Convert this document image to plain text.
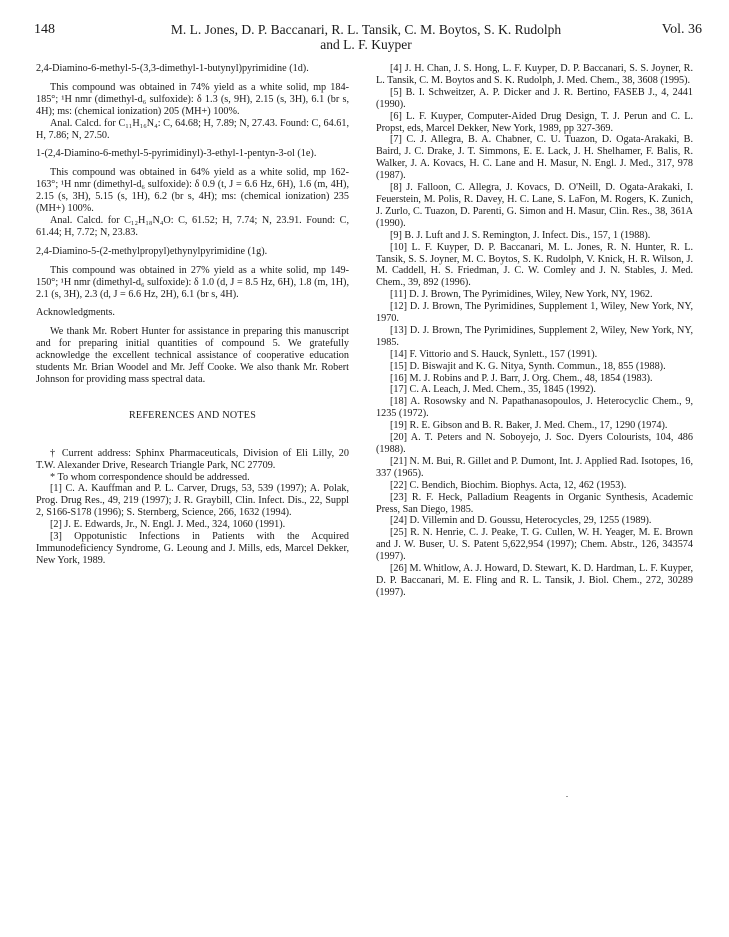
148	M. L. Jones, D. P. Baccanari, R. L. Tansik, C. M. Boytos, S. K. Rudolph
and L. F. Kuyper
Vol. 36

2,4-Diamino-6-methyl-5-(3,3-dimethyl-1-butynyl)pyrimidine (1d).

This compound was obtained in 74% yield as a white solid, mp 184-185°; ¹H nmr (dimethyl-d₆ sulfoxide): δ 1.3 (s, 9H), 2.15 (s, 3H), 6.1 (br s, 4H); ms: (chemical ionization) 205 (MH+) 100%.

Anal. Calcd. for C₁₁H₁₆N₄: C, 64.68; H, 7.89; N, 27.43. Found: C, 64.61, H, 7.86; N, 27.50.

1-(2,4-Diamino-6-methyl-5-pyrimidinyl)-3-ethyl-1-pentyn-3-ol (1e).

This compound was obtained in 64% yield as a white solid, mp 162-163°; ¹H nmr (dimethyl-d₆ sulfoxide): δ 0.9 (t, J = 6.6 Hz, 6H), 1.6 (m, 4H), 2.15 (s, 3H), 5.15 (s, 1H), 6.2 (br s, 4H); ms: (chemical ionization) 235 (MH+) 100%.

Anal. Calcd. for C₁₂H₁₈N₄O: C, 61.52; H, 7.74; N, 23.91. Found: C, 61.44; H, 7.72; N, 23.83.

2,4-Diamino-5-(2-methylpropyl)ethynylpyrimidine (1g).

This compound was obtained in 27% yield as a white solid, mp 149-150°; ¹H nmr (dimethyl-d₆ sulfoxide): δ 1.0 (d, J = 8.5 Hz, 6H), 1.8 (m, 1H), 2.1 (s, 3H), 2.3 (d, J = 6.6 Hz, 2H), 6.1 (br s, 4H).

Acknowledgments.

We thank Mr. Robert Hunter for assistance in preparing this manuscript and for preparing initial quantities of compound 5. We gratefully acknowledge the excellent technical assistance of cooperative education students Mr. Brian Woodel and Mr. Jeff Cooke. We also thank Mr. Robert Johnson for providing mass spectral data.

REFERENCES AND NOTES

† Current address: Sphinx Pharmaceuticals, Division of Eli Lilly, 20 T.W. Alexander Drive, Research Triangle Park, NC 27709.

* To whom correspondence should be addressed.

[1] C. A. Kauffman and P. L. Carver, Drugs, 53, 539 (1997); A. Polak, Prog. Drug Res., 49, 219 (1997); J. R. Graybill, Clin. Infect. Dis., 22, Suppl 2, S166-S178 (1996); S. Sternberg, Science, 266, 1632 (1994).

[2] J. E. Edwards, Jr., N. Engl. J. Med., 324, 1060 (1991).

[3] Oppotunistic Infections in Patients with the Acquired Immunodeficiency Syndrome, G. Leoung and J. Mills, eds, Marcel Dekker, New York, 1989.

[4] J. H. Chan, J. S. Hong, L. F. Kuyper, D. P. Baccanari, S. S. Joyner, R. L. Tansik, C. M. Boytos and S. K. Rudolph, J. Med. Chem., 38, 3608 (1995).

[5] B. I. Schweitzer, A. P. Dicker and J. R. Bertino, FASEB J., 4, 2441 (1990).

[6] L. F. Kuyper, Computer-Aided Drug Design, T. J. Perun and C. L. Propst, eds, Marcel Dekker, New York, 1989, pp 327-369.

[7] C. J. Allegra, B. A. Chabner, C. U. Tuazon, D. Ogata-Arakaki, B. Baird, J. C. Drake, J. T. Simmons, E. E. Lack, J. H. Shelhamer, F. Balis, R. Walker, J. A. Kovacs, H. C. Lane and H. Masur, N. Engl. J. Med., 317, 978 (1987).

[8] J. Falloon, C. Allegra, J. Kovacs, D. O'Neill, D. Ogata-Arakaki, I. Feuerstein, M. Polis, R. Davey, H. C. Lane, S. LaFon, M. Rogers, K. Zunich, J. Zurlo, C. Tuazon, D. Parenti, G. Simon and H. Masur, Clin. Res., 38, 361A (1990).

[9] B. J. Luft and J. S. Remington, J. Infect. Dis., 157, 1 (1988).

[10] L. F. Kuyper, D. P. Baccanari, M. L. Jones, R. N. Hunter, R. L. Tansik, S. S. Joyner, M. C. Boytos, S. K. Rudolph, V. Knick, H. R. Wilson, J. M. Caddell, H. S. Friedman, J. C. W. Comley and J. N. Stables, J. Med. Chem., 39, 892 (1996).

[11] D. J. Brown, The Pyrimidines, Wiley, New York, NY, 1962.

[12] D. J. Brown, The Pyrimidines, Supplement 1, Wiley, New York, NY, 1970.

[13] D. J. Brown, The Pyrimidines, Supplement 2, Wiley, New York, NY, 1985.

[14] F. Vittorio and S. Hauck, Synlett., 157 (1991).

[15] D. Biswajit and K. G. Nitya, Synth. Commun., 18, 855 (1988).

[16] M. J. Robins and P. J. Barr, J. Org. Chem., 48, 1854 (1983).

[17] C. A. Leach, J. Med. Chem., 35, 1845 (1992).

[18] A. Rosowsky and N. Papathanasopoulos, J. Heterocyclic Chem., 9, 1235 (1972).

[19] R. E. Gibson and B. R. Baker, J. Med. Chem., 17, 1290 (1974).

[20] A. T. Peters and N. Soboyejo, J. Soc. Dyers Colourists, 104, 486 (1988).

[21] N. M. Bui, R. Gillet and P. Dumont, Int. J. Applied Rad. Isotopes, 16, 337 (1965).

[22] C. Bendich, Biochim. Biophys. Acta, 12, 462 (1953).

[23] R. F. Heck, Palladium Reagents in Organic Synthesis, Academic Press, San Diego, 1985.

[24] D. Villemin and D. Goussu, Heterocycles, 29, 1255 (1989).

[25] R. N. Henrie, C. J. Peake, T. G. Cullen, W. H. Yeager, M. E. Brown and J. W. Buser, U. S. Patent 5,622,954 (1997); Chem. Abstr., 126, 343574 (1997).

[26] M. Whitlow, A. J. Howard, D. Stewart, K. D. Hardman, L. F. Kuyper, D. P. Baccanari, M. E. Fling and R. L. Tansik, J. Biol. Chem., 272, 30289 (1997).
